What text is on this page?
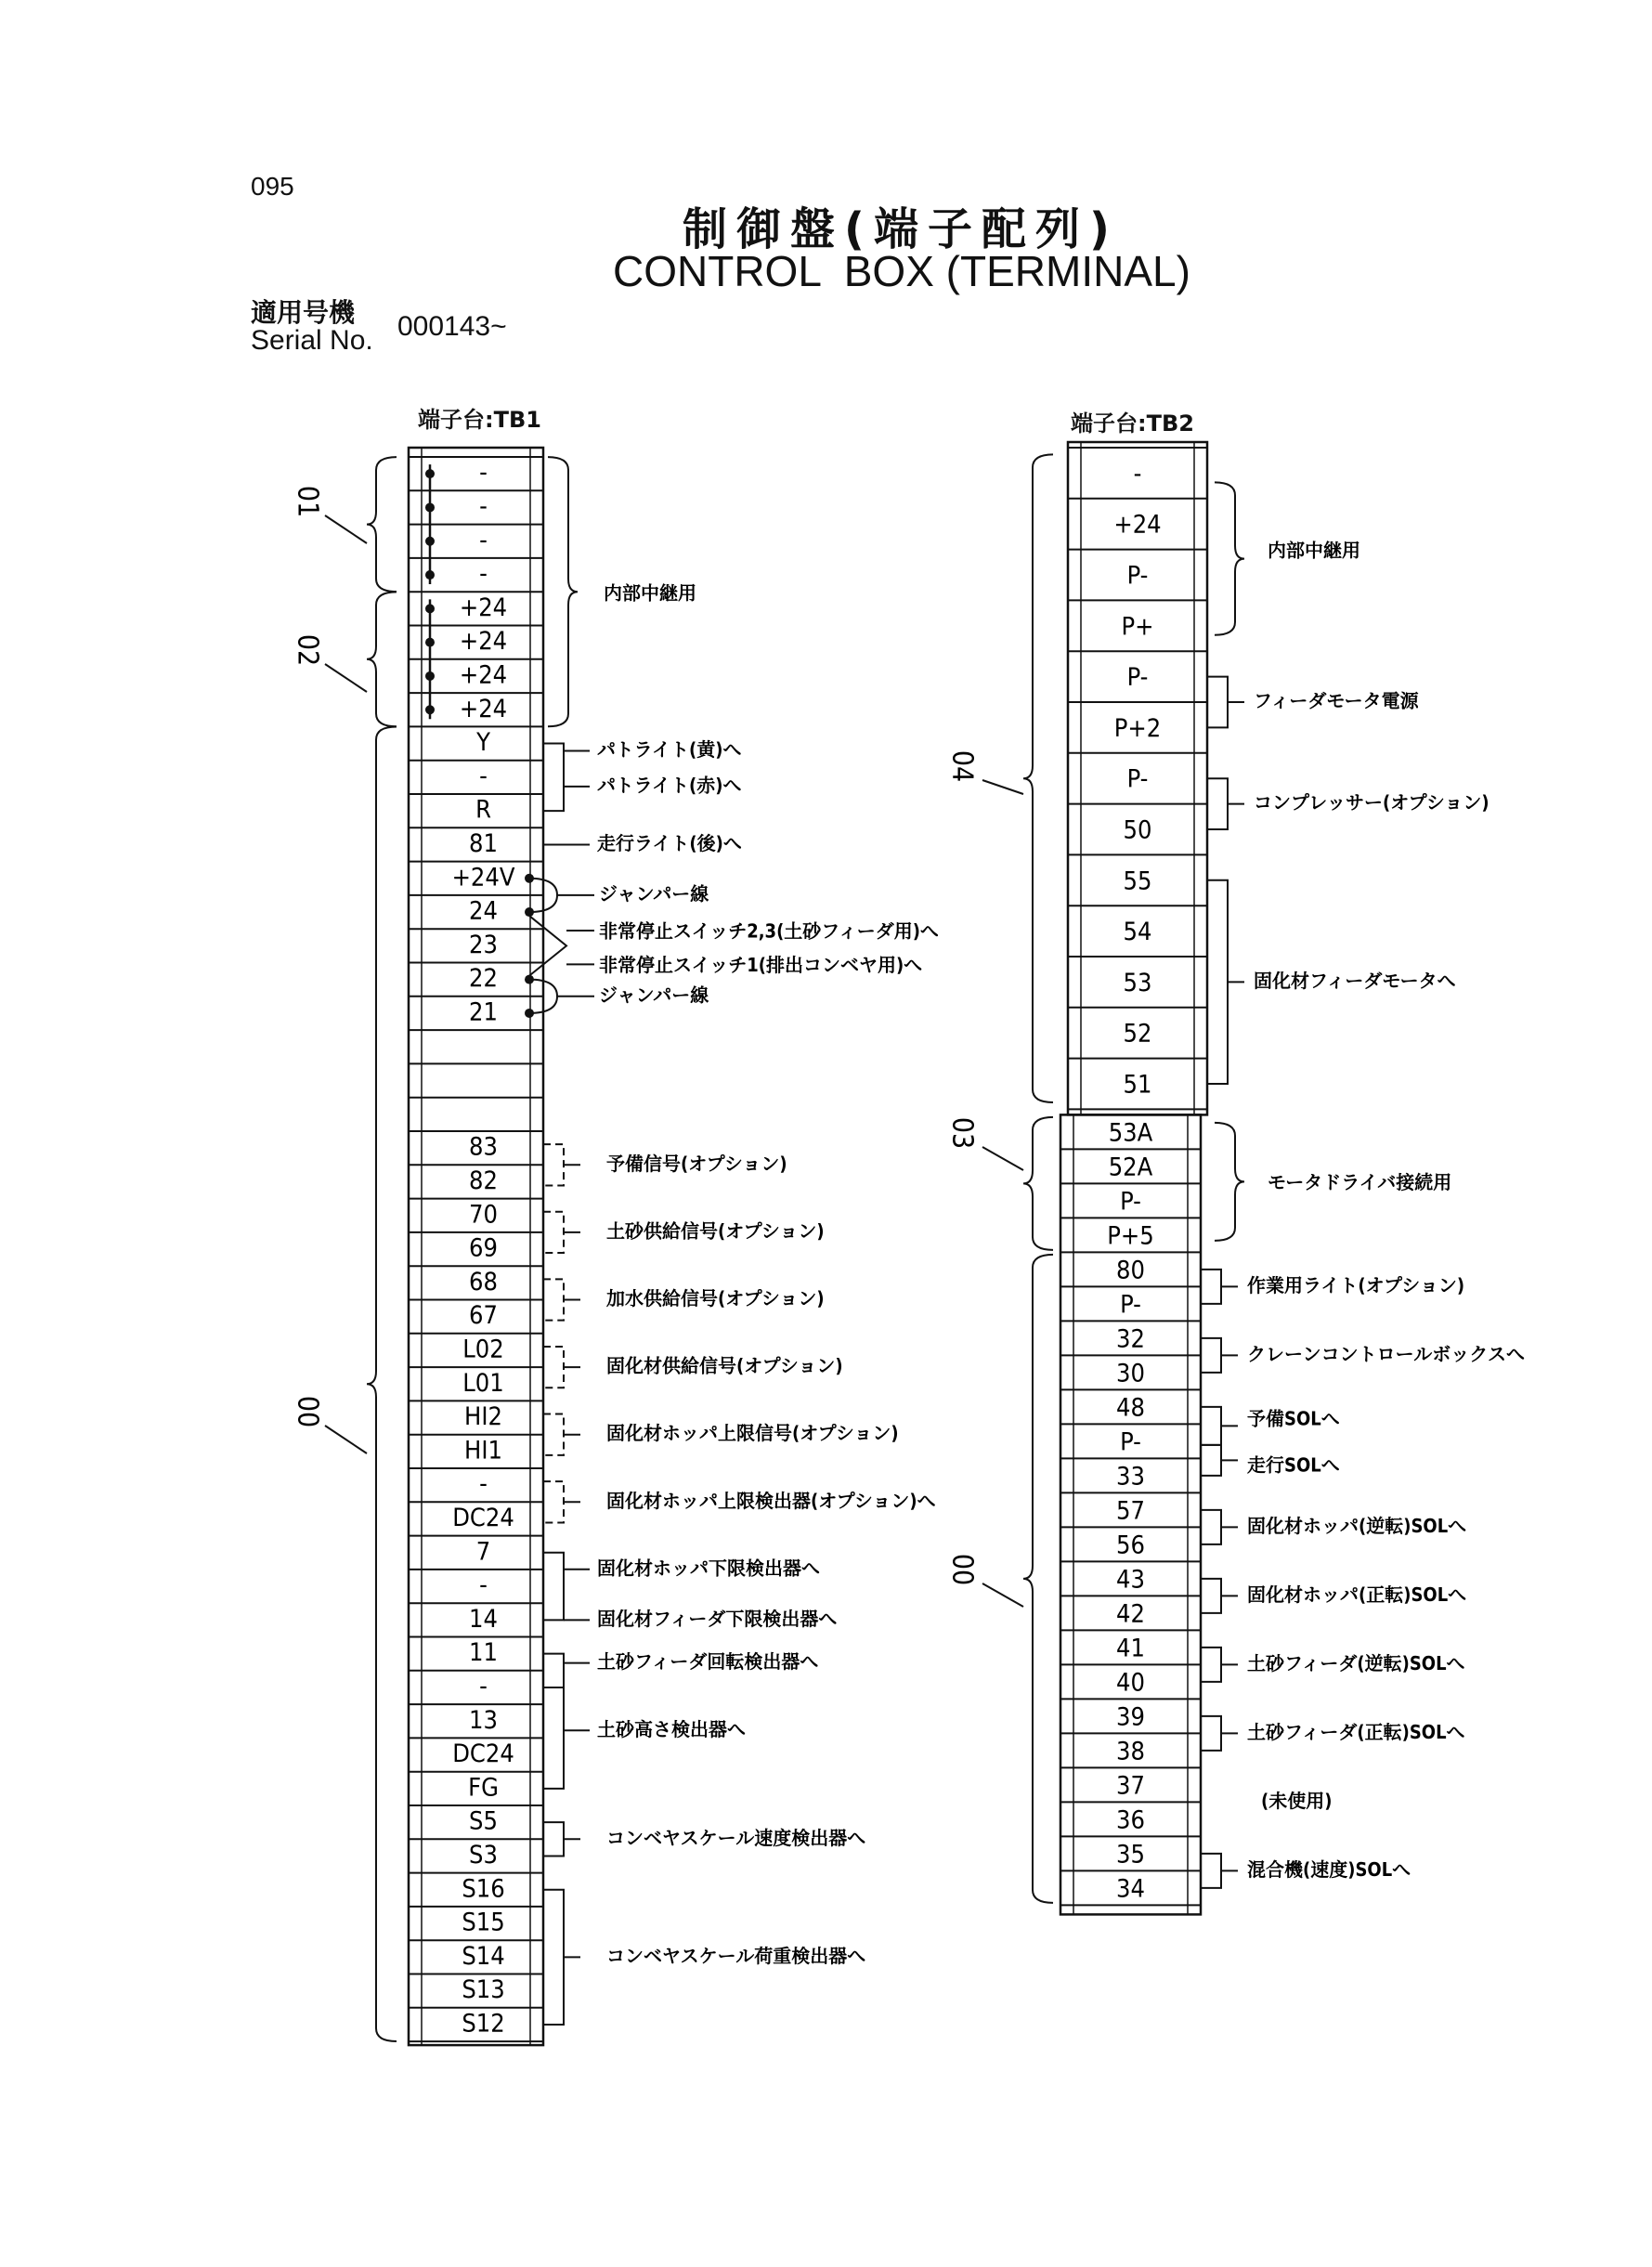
095
制御盤(端子配列)
CONTROL  BOX (TERMINAL)
適用号機
Serial No. 000143~
端子台:TB1	端子台:TB2
-
-
-
-
+24
+24
+24
+24
Y
-
R
81
+24V
24
23
22
21
83
82
70
69
68
67
L02
L01
HI2
HI1
-
DC24
7
-
14
11
-
13
DC24
FG
S5
S3
S16
S15
S14
S13
S12
01
02
00
内部中継用
パトライト(黄)へ
パトライト(赤)へ
走行ライト(後)へ
ジャンパー線
非常停止スイッチ2,3(土砂フィーダ用)へ
非常停止スイッチ1(排出コンベヤ用)へ
ジャンパー線
予備信号(オプション)
土砂供給信号(オプション)
加水供給信号(オプション)
固化材供給信号(オプション)
固化材ホッパ上限信号(オプション)
固化材ホッパ上限検出器(オプション)へ
固化材ホッパ下限検出器へ
固化材フィーダ下限検出器へ
土砂フィーダ回転検出器へ
土砂高さ検出器へ
コンベヤスケール速度検出器へ
コンベヤスケール荷重検出器へ
-
+24
P-
P+
P-
P+2
P-
50
55
54
53
52
51
53A
52A
P-
P+5
80
P-
32
30
48
P-
33
57
56
43
42
41
40
39
38
37
36
35
34
04
03
00
内部中継用
フィーダモータ電源
コンプレッサー(オプション)
固化材フィーダモータへ
モータドライバ接続用
作業用ライト(オプション)
クレーンコントロールボックスへ
予備SOLへ
走行SOLへ
固化材ホッパ(逆転)SOLへ
固化材ホッパ(正転)SOLへ
土砂フィーダ(逆転)SOLへ
土砂フィーダ(正転)SOLへ
(未使用)
混合機(速度)SOLへ
